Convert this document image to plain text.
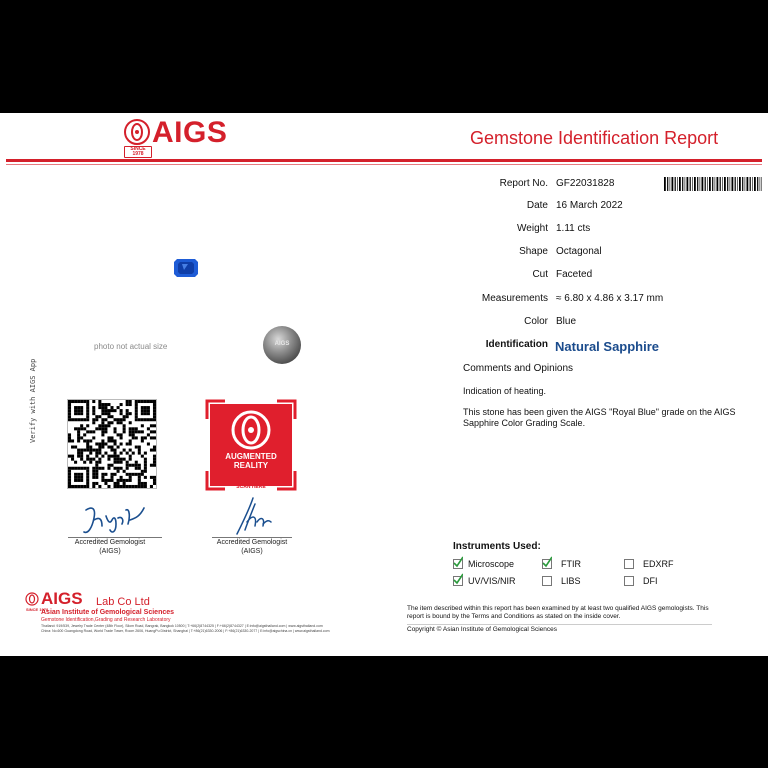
SINCE 1978
AIGS	Gemstone Identification Report
Report No. GF22031828
Date 16 March 2022
Weight 1.11 cts
Shape Octagonal
Cut Faceted
Measurements ≈ 6.80 x 4.86 x 3.17 mm
Color Blue
Identification Natural Sapphire
Comments and Opinions
Indication of heating.
This stone has been given the AIGS "Royal Blue" grade on the AIGS Sapphire Color Grading Scale.
photo not actual size	AIGS
Verify with AIGS App
AUGMENTED
REALITY
SCAN HERE
Accredited Gemologist
(AIGS)
Accredited Gemologist
(AIGS)	Instruments Used:
Microscope	FTIR	EDXRF
UV/VIS/NIR	LIBS	DFI
SINCE 1978
AIGS Lab Co Ltd
Asian Institute of Gemological Sciences
Gemstone Identification,Grading and Research Laboratory
Thailand: 919/539, Jewelry Trade Center (48th Floor), Silom Road, Bangrak, Bangkok 10500 | T:+66(2)8744325 | F:+66(2)8744327 | E:info@aigsthailand.com | www.aigsthailand.com
China: No.600 Guangdong Road, World Trade Tower, Room 2606, HuangPu District, Shanghai | T:+86(21)6330-2006 | F:+86(21)6330-2077 | E:info@aigschina.cn | www.aigsthailand.com
The item described within this report has been examined by at least two qualified AIGS gemologists. This report is bound by the Terms and Conditions as stated on the inside cover.
Copyright © Asian Institute of Gemological Sciences
